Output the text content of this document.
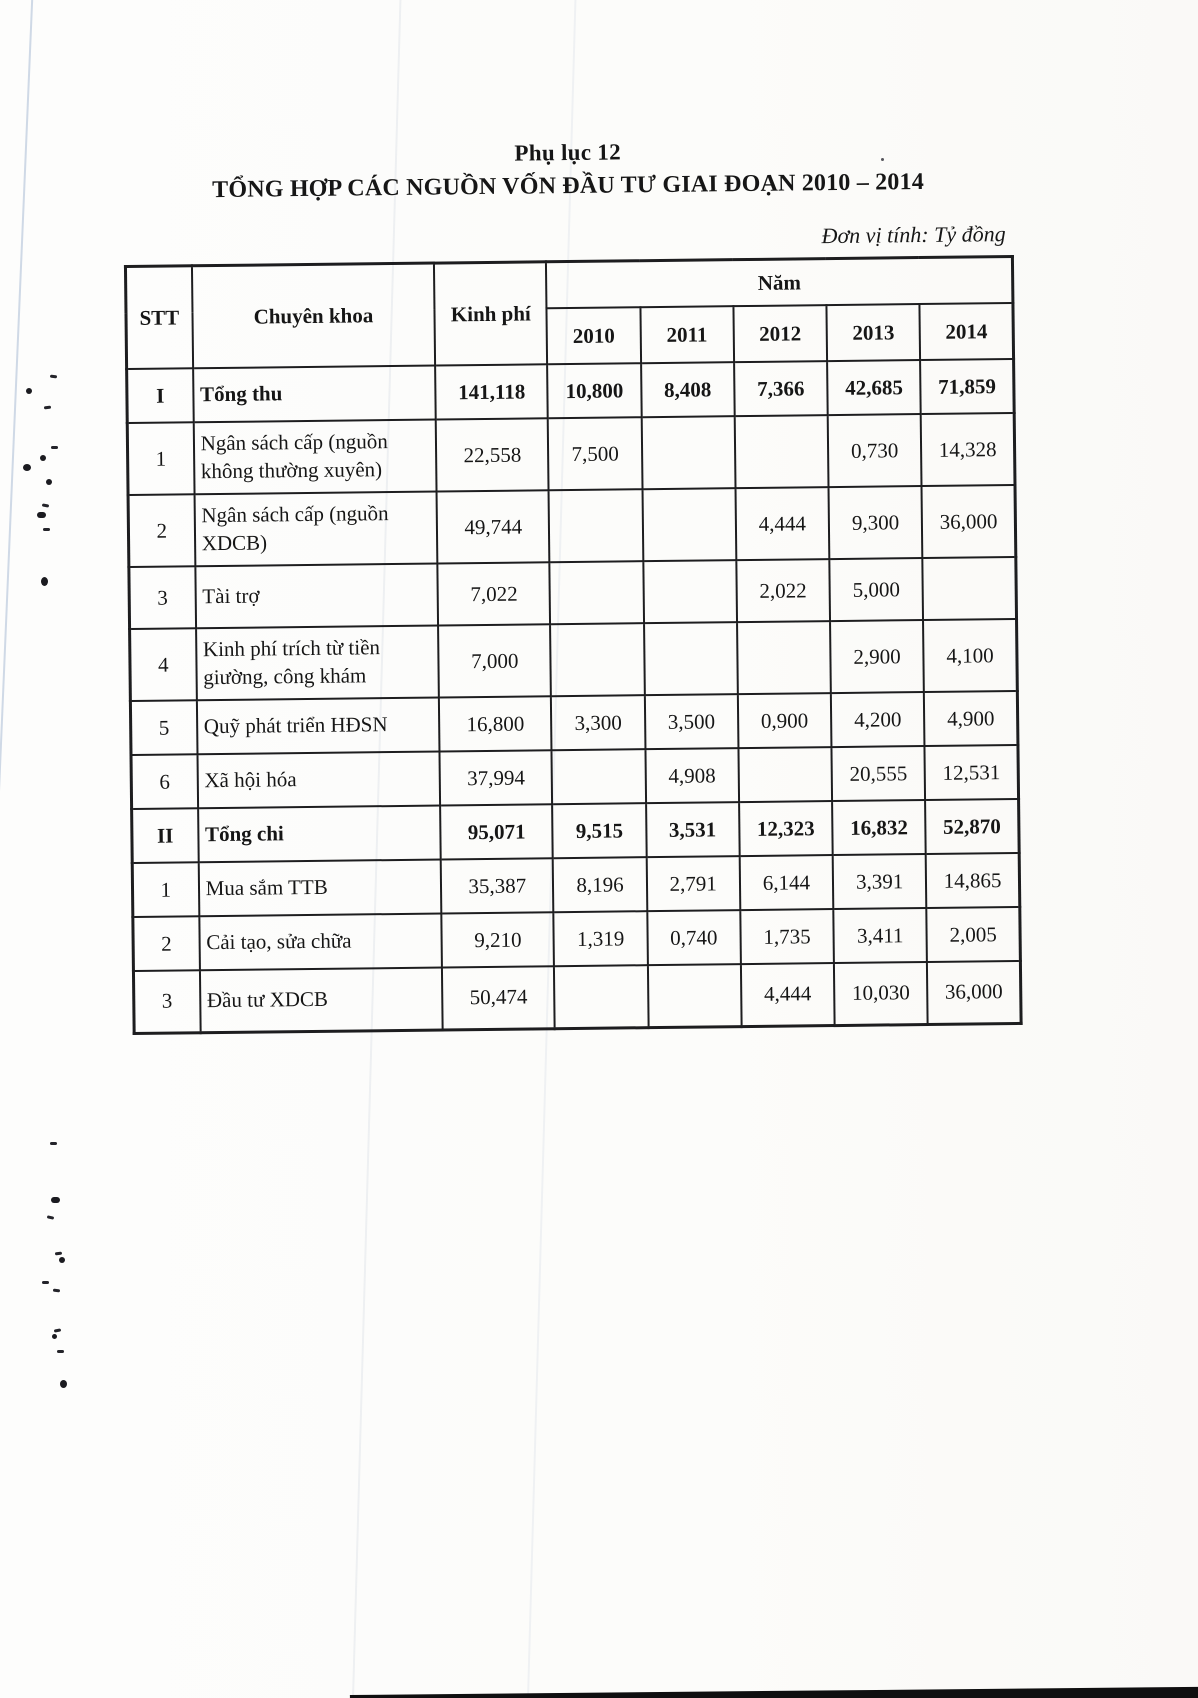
Phụ lục 12
TỔNG HỢP CÁC NGUỒN VỐN ĐẦU TƯ GIAI ĐOẠN 2010 – 2014
Đơn vị tính: Tỷ đồng
STT	Chuyên khoa	Kinh phí	Năm				
			2010	2011	2012	2013	2014
I	Tổng thu	141,118	10,800	8,408	7,366	42,685	71,859
1	Ngân sách cấp (nguồn không thường xuyên)	22,558	7,500			0,730	14,328
2	Ngân sách cấp (nguồn XDCB)	49,744			4,444	9,300	36,000
3	Tài trợ	7,022			2,022	5,000	
4	Kinh phí trích từ tiền giường, công khám	7,000				2,900	4,100
5	Quỹ phát triển HĐSN	16,800	3,300	3,500	0,900	4,200	4,900
6	Xã hội hóa	37,994		4,908		20,555	12,531
II	Tổng chi	95,071	9,515	3,531	12,323	16,832	52,870
1	Mua sắm TTB	35,387	8,196	2,791	6,144	3,391	14,865
2	Cải tạo, sửa chữa	9,210	1,319	0,740	1,735	3,411	2,005
3	Đầu tư XDCB	50,474			4,444	10,030	36,000
